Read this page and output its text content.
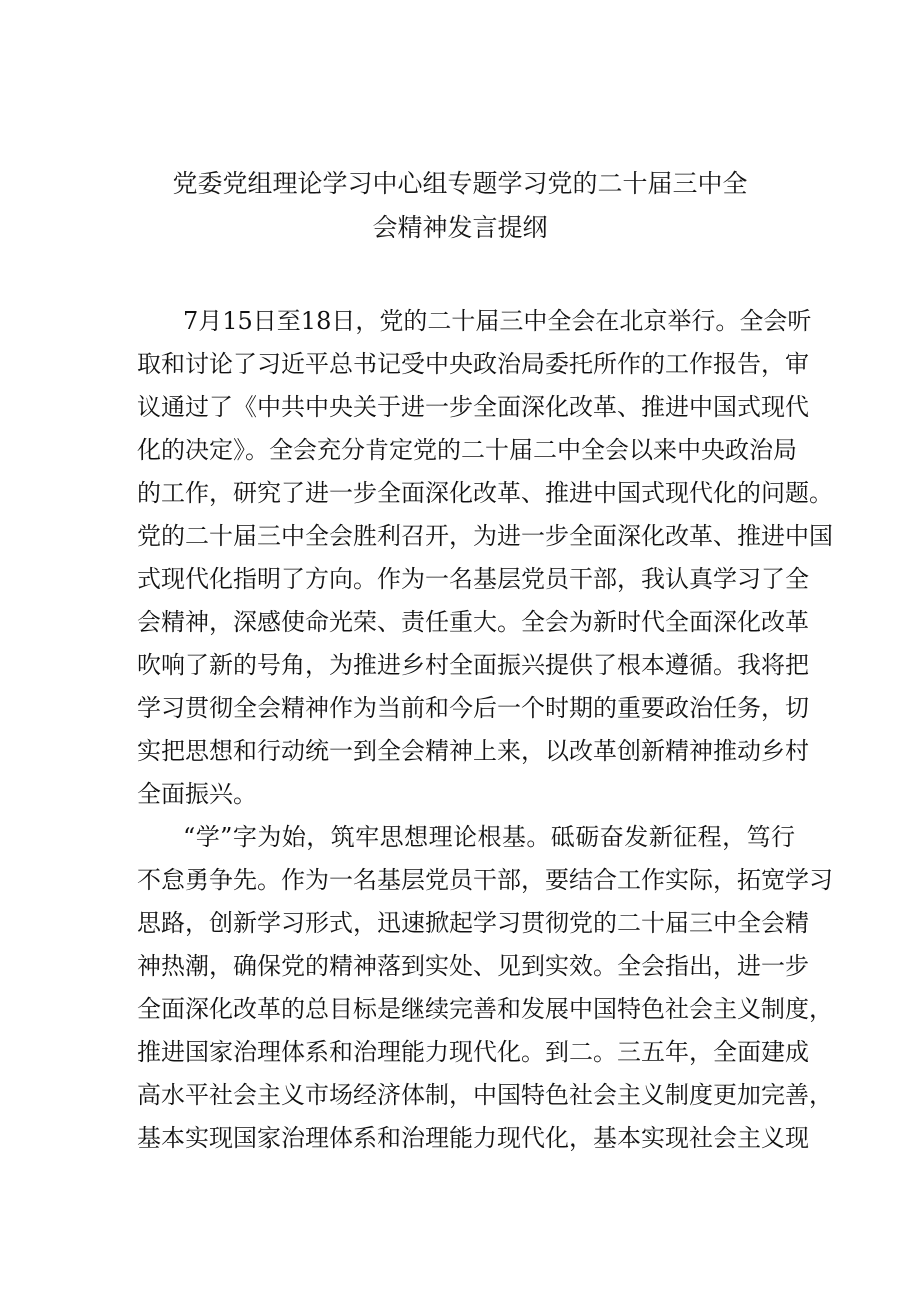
党委党组理论学习中心组专题学习党的二十届三中全
会精神发言提纲

7月15日至18日，党的二十届三中全会在北京举行。全会听
取和讨论了习近平总书记受中央政治局委托所作的工作报告，审
议通过了《中共中央关于进一步全面深化改革、推进中国式现代
化的决定》。全会充分肯定党的二十届二中全会以来中央政治局
的工作，研究了进一步全面深化改革、推进中国式现代化的问题。
党的二十届三中全会胜利召开，为进一步全面深化改革、推进中国
式现代化指明了方向。作为一名基层党员干部，我认真学习了全
会精神，深感使命光荣、责任重大。全会为新时代全面深化改革
吹响了新的号角，为推进乡村全面振兴提供了根本遵循。我将把
学习贯彻全会精神作为当前和今后一个时期的重要政治任务，切
实把思想和行动统一到全会精神上来，以改革创新精神推动乡村
全面振兴。

“学”字为始，筑牢思想理论根基。砥砺奋发新征程，笃行
不怠勇争先。作为一名基层党员干部，要结合工作实际，拓宽学习
思路，创新学习形式，迅速掀起学习贯彻党的二十届三中全会精
神热潮，确保党的精神落到实处、见到实效。全会指出，进一步
全面深化改革的总目标是继续完善和发展中国特色社会主义制度，
推进国家治理体系和治理能力现代化。到二。三五年，全面建成
高水平社会主义市场经济体制，中国特色社会主义制度更加完善，
基本实现国家治理体系和治理能力现代化，基本实现社会主义现
